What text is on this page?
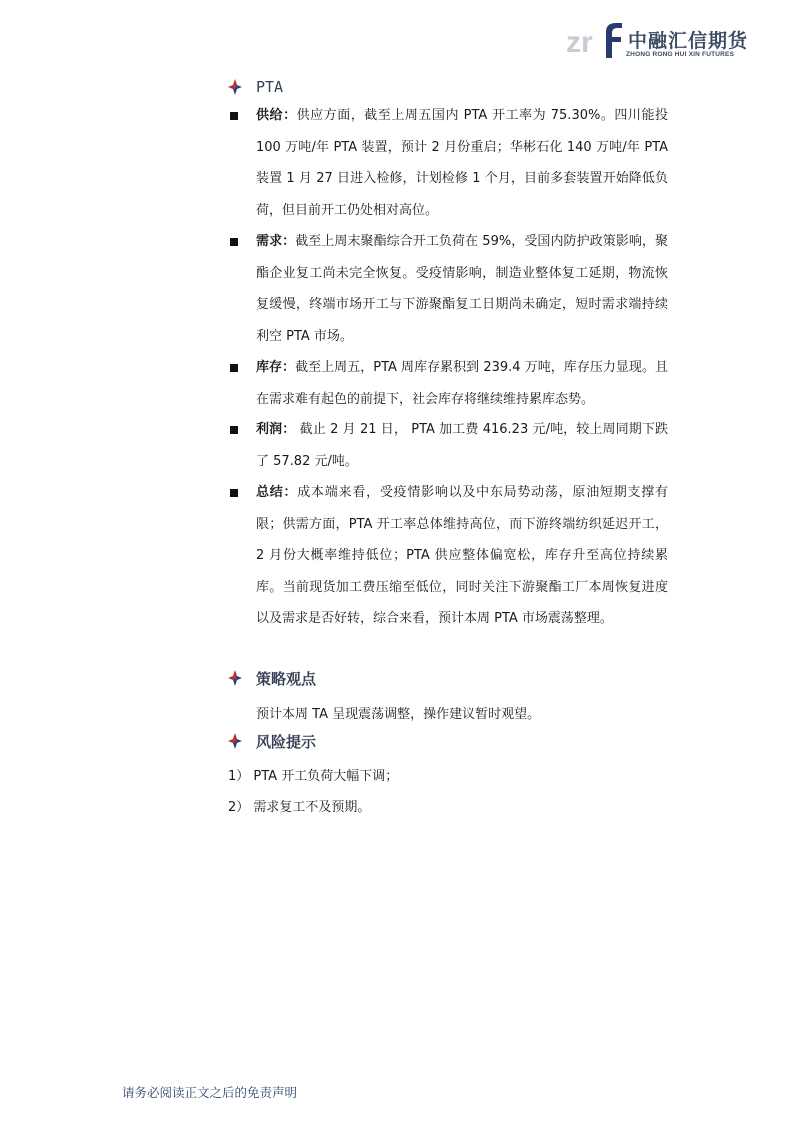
zr 中融汇信期货
ZHONG RONG HUI XIN FUTURES
PTA

供给：供应方面，截至上周五国内 PTA 开工率为 75.30%。四川能投 100 万吨/年 PTA 装置，预计 2 月份重启；华彬石化 140 万吨/年 PTA 装置 1 月 27 日进入检修，计划检修 1 个月，目前多套装置开始降低负荷，但目前开工仍处相对高位。

需求：截至上周末聚酯综合开工负荷在 59%，受国内防护政策影响，聚酯企业复工尚未完全恢复。受疫情影响，制造业整体复工延期，物流恢复缓慢，终端市场开工与下游聚酯复工日期尚未确定，短时需求端持续利空 PTA 市场。

库存：截至上周五，PTA 周库存累积到 239.4 万吨，库存压力显现。且在需求难有起色的前提下，社会库存将继续维持累库态势。

利润： 截止 2 月 21 日， PTA 加工费 416.23 元/吨，较上周同期下跌了 57.82 元/吨。

总结：成本端来看，受疫情影响以及中东局势动荡，原油短期支撑有限；供需方面，PTA 开工率总体维持高位，而下游终端纺织延迟开工，2 月份大概率维持低位；PTA 供应整体偏宽松，库存升至高位持续累库。当前现货加工费压缩至低位，同时关注下游聚酯工厂本周恢复进度以及需求是否好转，综合来看，预计本周 PTA 市场震荡整理。

策略观点
预计本周 TA 呈现震荡调整，操作建议暂时观望。
风险提示
1） PTA 开工负荷大幅下调；
2） 需求复工不及预期。
请务必阅读正文之后的免责声明
